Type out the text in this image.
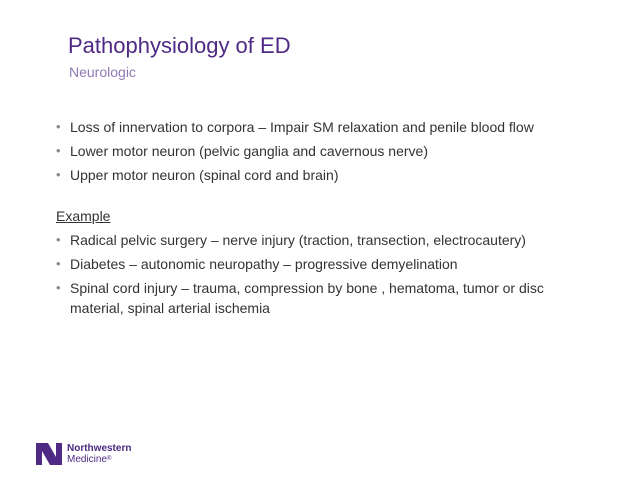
Pathophysiology of ED
Neurologic
• Loss of innervation to corpora – Impair SM relaxation and penile blood flow
• Lower motor neuron (pelvic ganglia and cavernous nerve)
• Upper motor neuron (spinal cord and brain)
Example
• Radical pelvic surgery – nerve injury (traction, transection, electrocautery)
• Diabetes – autonomic neuropathy – progressive demyelination
• Spinal cord injury – trauma, compression by bone , hematoma, tumor or disc material, spinal arterial ischemia
Northwestern
Medicine®
